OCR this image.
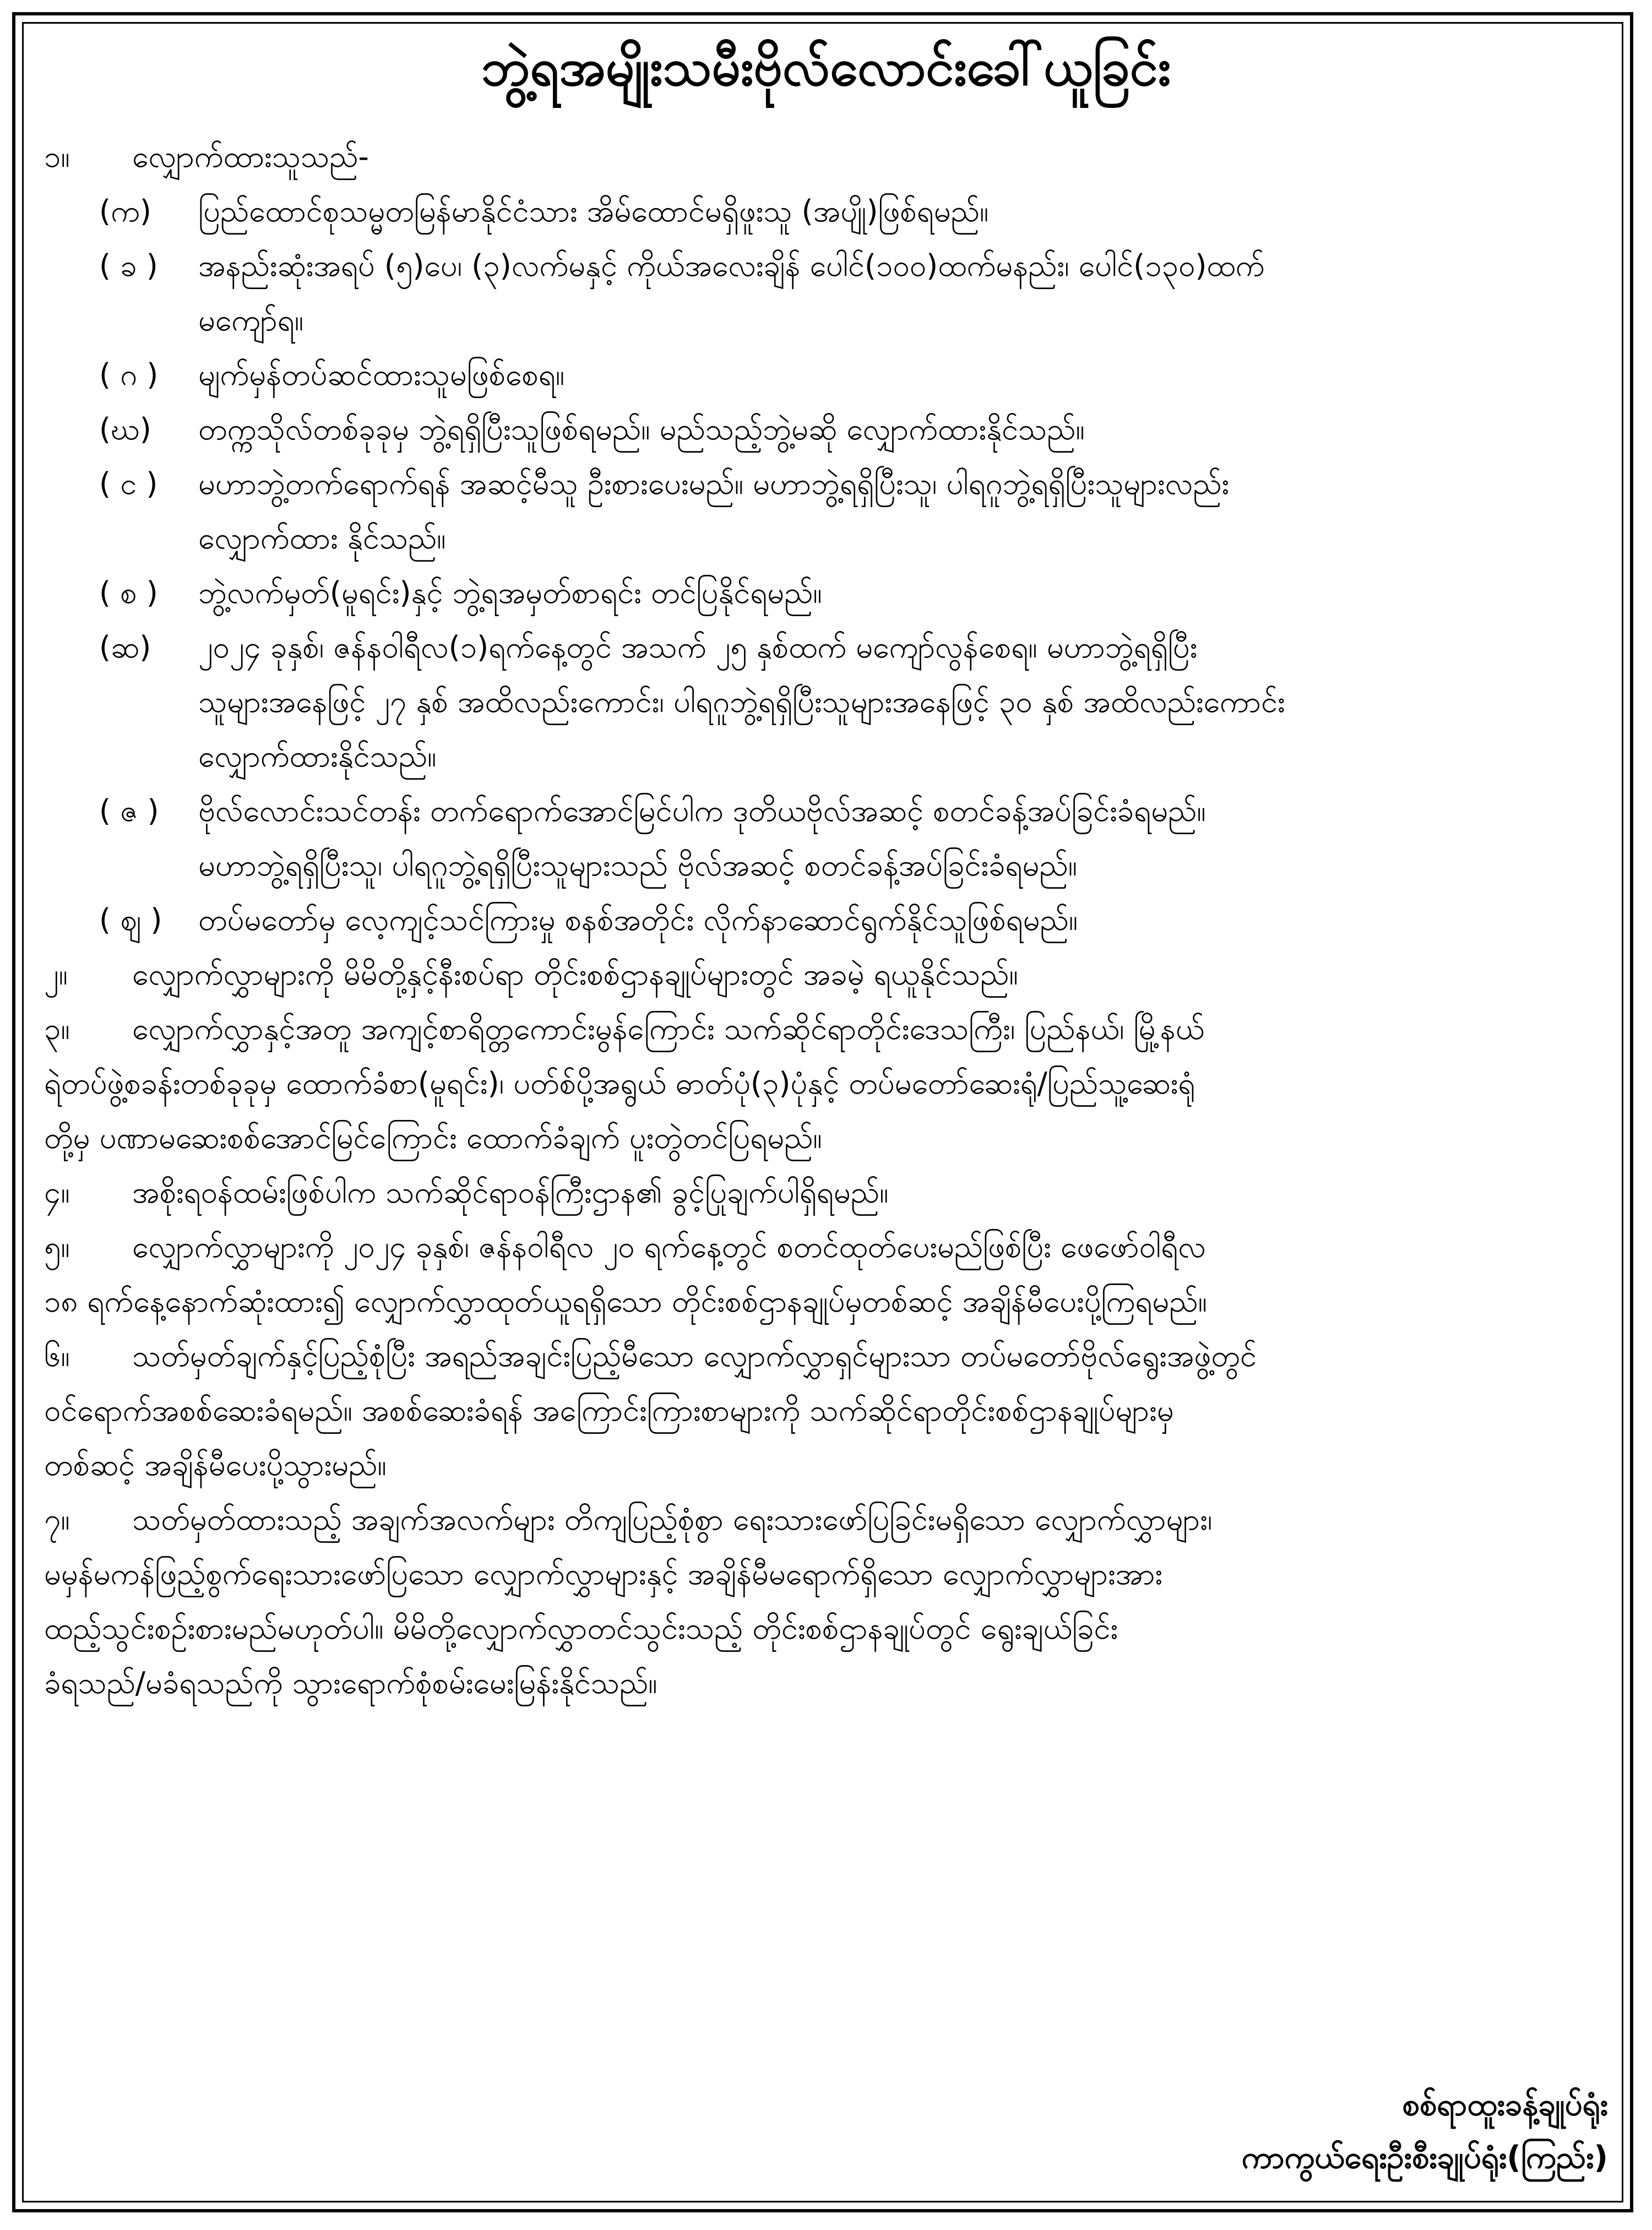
ဘွဲ့ရအမျိုးသမီးဗိုလ်လောင်းခေါ်ယူခြင်း
၁။ လျှောက်ထားသူသည်-
(က) ပြည်ထောင်စုသမ္မတမြန်မာနိုင်ငံသား အိမ်ထောင်မရှိဖူးသူ (အပျို)ဖြစ်ရမည်။
( ခ ) အနည်းဆုံးအရပ် (၅)ပေ၊ (၃)လက်မနှင့် ကိုယ်အလေးချိန် ပေါင်(၁၀၀)ထက်မနည်း၊ ပေါင်(၁၃၀)ထက်
မကျော်ရ။
( ဂ ) မျက်မှန်တပ်ဆင်ထားသူမဖြစ်စေရ။
(ဃ) တက္ကသိုလ်တစ်ခုခုမှ ဘွဲ့ရရှိပြီးသူဖြစ်ရမည်။ မည်သည့်ဘွဲ့မဆို လျှောက်ထားနိုင်သည်။
( င ) မဟာဘွဲ့တက်ရောက်ရန် အဆင့်မီသူ ဦးစားပေးမည်။ မဟာဘွဲ့ရရှိပြီးသူ၊ ပါရဂူဘွဲ့ရရှိပြီးသူများလည်း
လျှောက်ထား နိုင်သည်။
( စ ) ဘွဲ့လက်မှတ်(မူရင်း)နှင့် ဘွဲ့ရအမှတ်စာရင်း တင်ပြနိုင်ရမည်။
(ဆ) ၂၀၂၄ ခုနှစ်၊ ဇန်နဝါရီလ(၁)ရက်နေ့တွင် အသက် ၂၅ နှစ်ထက် မကျော်လွန်စေရ။ မဟာဘွဲ့ရရှိပြီး
သူများအနေဖြင့် ၂၇ နှစ် အထိလည်းကောင်း၊ ပါရဂူဘွဲ့ရရှိပြီးသူများအနေဖြင့် ၃၀ နှစ် အထိလည်းကောင်း
လျှောက်ထားနိုင်သည်။
( ဇ ) ဗိုလ်လောင်းသင်တန်း တက်ရောက်အောင်မြင်ပါက ဒုတိယဗိုလ်အဆင့် စတင်ခန့်အပ်ခြင်းခံရမည်။
မဟာဘွဲ့ရရှိပြီးသူ၊ ပါရဂူဘွဲ့ရရှိပြီးသူများသည် ဗိုလ်အဆင့် စတင်ခန့်အပ်ခြင်းခံရမည်။
( ဈ ) တပ်မတော်မှ လေ့ကျင့်သင်ကြားမှု စနစ်အတိုင်း လိုက်နာဆောင်ရွက်နိုင်သူဖြစ်ရမည်။
၂။ လျှောက်လွှာများကို မိမိတို့နှင့်နီးစပ်ရာ တိုင်းစစ်ဌာနချုပ်များတွင် အခမဲ့ ရယူနိုင်သည်။
၃။ လျှောက်လွှာနှင့်အတူ အကျင့်စာရိတ္တကောင်းမွန်ကြောင်း သက်ဆိုင်ရာတိုင်းဒေသကြီး၊ ပြည်နယ်၊ မြို့နယ်
ရဲတပ်ဖွဲ့စခန်းတစ်ခုခုမှ ထောက်ခံစာ(မူရင်း)၊ ပတ်စ်ပို့အရွယ် ဓာတ်ပုံ(၃)ပုံနှင့် တပ်မတော်ဆေးရုံ/ပြည်သူ့ဆေးရုံ
တို့မှ ပဏာမဆေးစစ်အောင်မြင်ကြောင်း ထောက်ခံချက် ပူးတွဲတင်ပြရမည်။
၄။ အစိုးရဝန်ထမ်းဖြစ်ပါက သက်ဆိုင်ရာဝန်ကြီးဌာန၏ ခွင့်ပြုချက်ပါရှိရမည်။
၅။ လျှောက်လွှာများကို ၂၀၂၄ ခုနှစ်၊ ဇန်နဝါရီလ ၂၀ ရက်နေ့တွင် စတင်ထုတ်ပေးမည်ဖြစ်ပြီး ဖေဖော်ဝါရီလ
၁၈ ရက်နေ့နောက်ဆုံးထား၍ လျှောက်လွှာထုတ်ယူရရှိသော တိုင်းစစ်ဌာနချုပ်မှတစ်ဆင့် အချိန်မီပေးပို့ကြရမည်။
၆။ သတ်မှတ်ချက်နှင့်ပြည့်စုံပြီး အရည်အချင်းပြည့်မီသော လျှောက်လွှာရှင်များသာ တပ်မတော်ဗိုလ်ရွေးအဖွဲ့တွင်
ဝင်ရောက်အစစ်ဆေးခံရမည်။ အစစ်ဆေးခံရန် အကြောင်းကြားစာများကို သက်ဆိုင်ရာတိုင်းစစ်ဌာနချုပ်များမှ
တစ်ဆင့် အချိန်မီပေးပို့သွားမည်။
၇။ သတ်မှတ်ထားသည့် အချက်အလက်များ တိကျပြည့်စုံစွာ ရေးသားဖော်ပြခြင်းမရှိသော လျှောက်လွှာများ၊
မမှန်မကန်ဖြည့်စွက်ရေးသားဖော်ပြသော လျှောက်လွှာများနှင့် အချိန်မီမရောက်ရှိသော လျှောက်လွှာများအား
ထည့်သွင်းစဉ်းစားမည်မဟုတ်ပါ။ မိမိတို့လျှောက်လွှာတင်သွင်းသည့် တိုင်းစစ်ဌာနချုပ်တွင် ရွေးချယ်ခြင်း
ခံရသည်/မခံရသည်ကို သွားရောက်စုံစမ်းမေးမြန်းနိုင်သည်။
စစ်ရာထူးခန့်ချုပ်ရုံး
ကာကွယ်ရေးဦးစီးချုပ်ရုံး(ကြည်း)
